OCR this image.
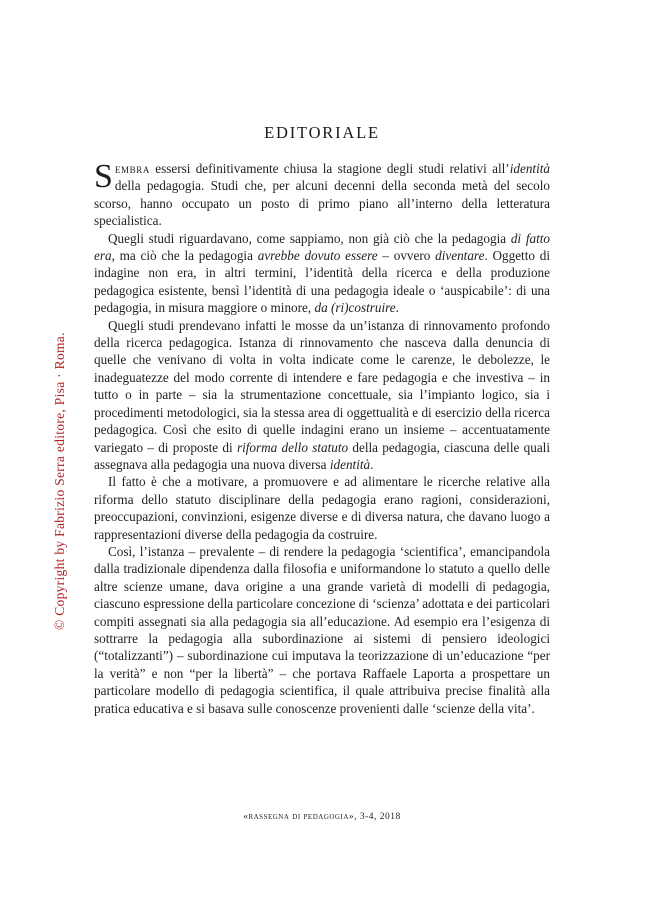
© Copyright by Fabrizio Serra editore, Pisa · Roma.
EDITORIALE

Sembra essersi definitivamente chiusa la stagione degli studi relativi all’identità della pedagogia. Studi che, per alcuni decenni della seconda metà del secolo scorso, hanno occupato un posto di primo piano all’interno della letteratura specialistica.

Quegli studi riguardavano, come sappiamo, non già ciò che la pedagogia di fatto era, ma ciò che la pedagogia avrebbe dovuto essere – ovvero diventare. Oggetto di indagine non era, in altri termini, l’identità della ricerca e della produzione pedagogica esistente, bensì l’identità di una pedagogia ideale o ‘auspicabile’: di una pedagogia, in misura maggiore o minore, da (ri)costruire.

Quegli studi prendevano infatti le mosse da un’istanza di rinnovamento profondo della ricerca pedagogica. Istanza di rinnovamento che nasceva dalla denuncia di quelle che venivano di volta in volta indicate come le carenze, le debolezze, le inadeguatezze del modo corrente di intendere e fare pedagogia e che investiva – in tutto o in parte – sia la strumentazione concettuale, sia l’impianto logico, sia i procedimenti metodologici, sia la stessa area di oggettualità e di esercizio della ricerca pedagogica. Così che esito di quelle indagini erano un insieme – accentuatamente variegato – di proposte di riforma dello statuto della pedagogia, ciascuna delle quali assegnava alla pedagogia una nuova diversa identità.

Il fatto è che a motivare, a promuovere e ad alimentare le ricerche relative alla riforma dello statuto disciplinare della pedagogia erano ragioni, considerazioni, preoccupazioni, convinzioni, esigenze diverse e di diversa natura, che davano luogo a rappresentazioni diverse della pedagogia da costruire.

Così, l’istanza – prevalente – di rendere la pedagogia ‘scientifica’, emancipandola dalla tradizionale dipendenza dalla filosofia e uniformandone lo statuto a quello delle altre scienze umane, dava origine a una grande varietà di modelli di pedagogia, ciascuno espressione della particolare concezione di ‘scienza’ adottata e dei particolari compiti assegnati sia alla pedagogia sia all’educazione. Ad esempio era l’esigenza di sottrarre la pedagogia alla subordinazione ai sistemi di pensiero ideologici (“totalizzanti”) – subordinazione cui imputava la teorizzazione di un’educazione “per la verità” e non “per la libertà” – che portava Raffaele Laporta a prospettare un particolare modello di pedagogia scientifica, il quale attribuiva precise finalità alla pratica educativa e si basava sulle conoscenze provenienti dalle ‘scienze della vita’.

«rassegna di pedagogia», 3-4, 2018
